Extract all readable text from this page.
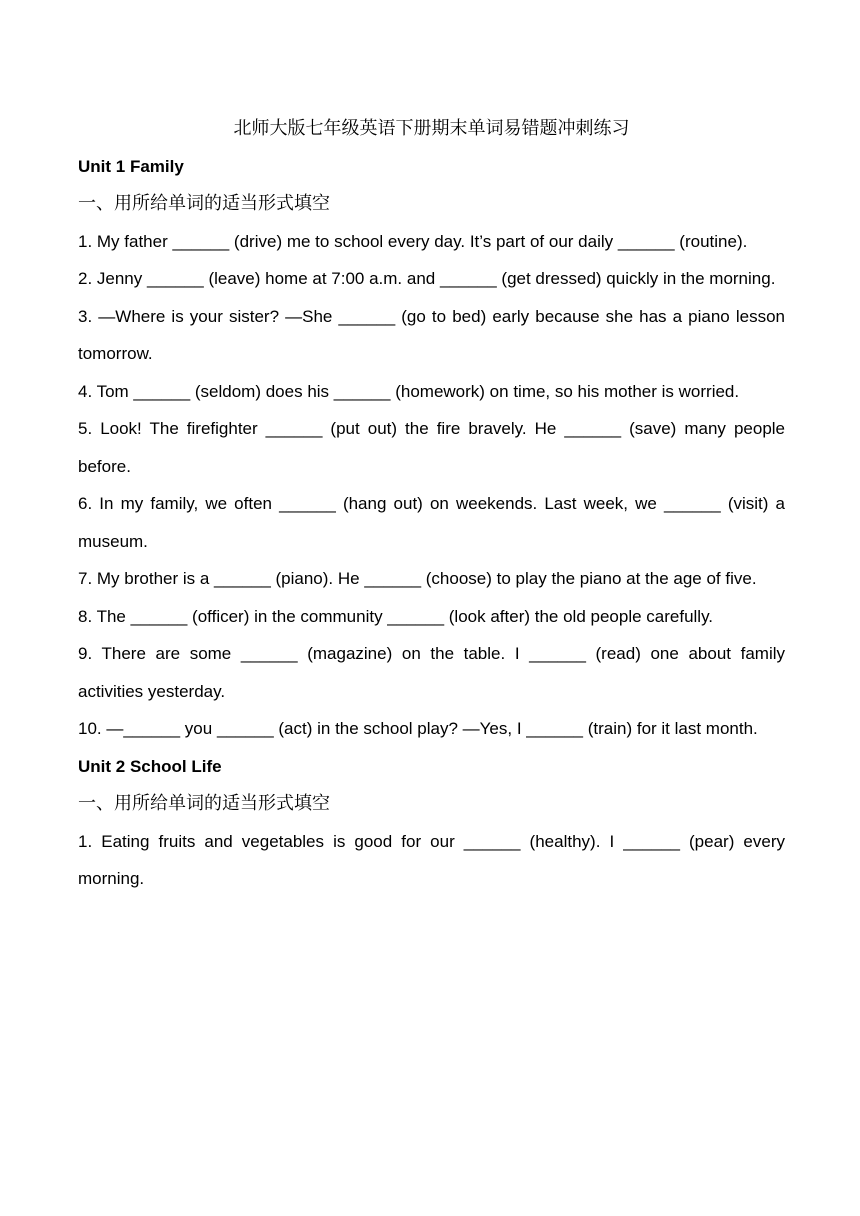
北师大版七年级英语下册期末单词易错题冲刺练习

Unit 1 Family

一、用所给单词的适当形式填空

1. My father ______ (drive) me to school every day. It’s part of our daily ______ (routine).

2. Jenny ______ (leave) home at 7:00 a.m. and ______ (get dressed) quickly in the morning.

3. —Where is your sister? —She ______ (go to bed) early because she has a piano lesson tomorrow.

4. Tom ______ (seldom) does his ______ (homework) on time, so his mother is worried.

5. Look! The firefighter ______ (put out) the fire bravely. He ______ (save) many people before.

6. In my family, we often ______ (hang out) on weekends. Last week, we ______ (visit) a museum.

7. My brother is a ______ (piano). He ______ (choose) to play the piano at the age of five.

8. The ______ (officer) in the community ______ (look after) the old people carefully.

9. There are some ______ (magazine) on the table. I ______ (read) one about family activities yesterday.

10. —______ you ______ (act) in the school play? —Yes, I ______ (train) for it last month.

Unit 2 School Life

一、用所给单词的适当形式填空

1. Eating fruits and vegetables is good for our ______ (healthy). I ______ (pear) every morning.
